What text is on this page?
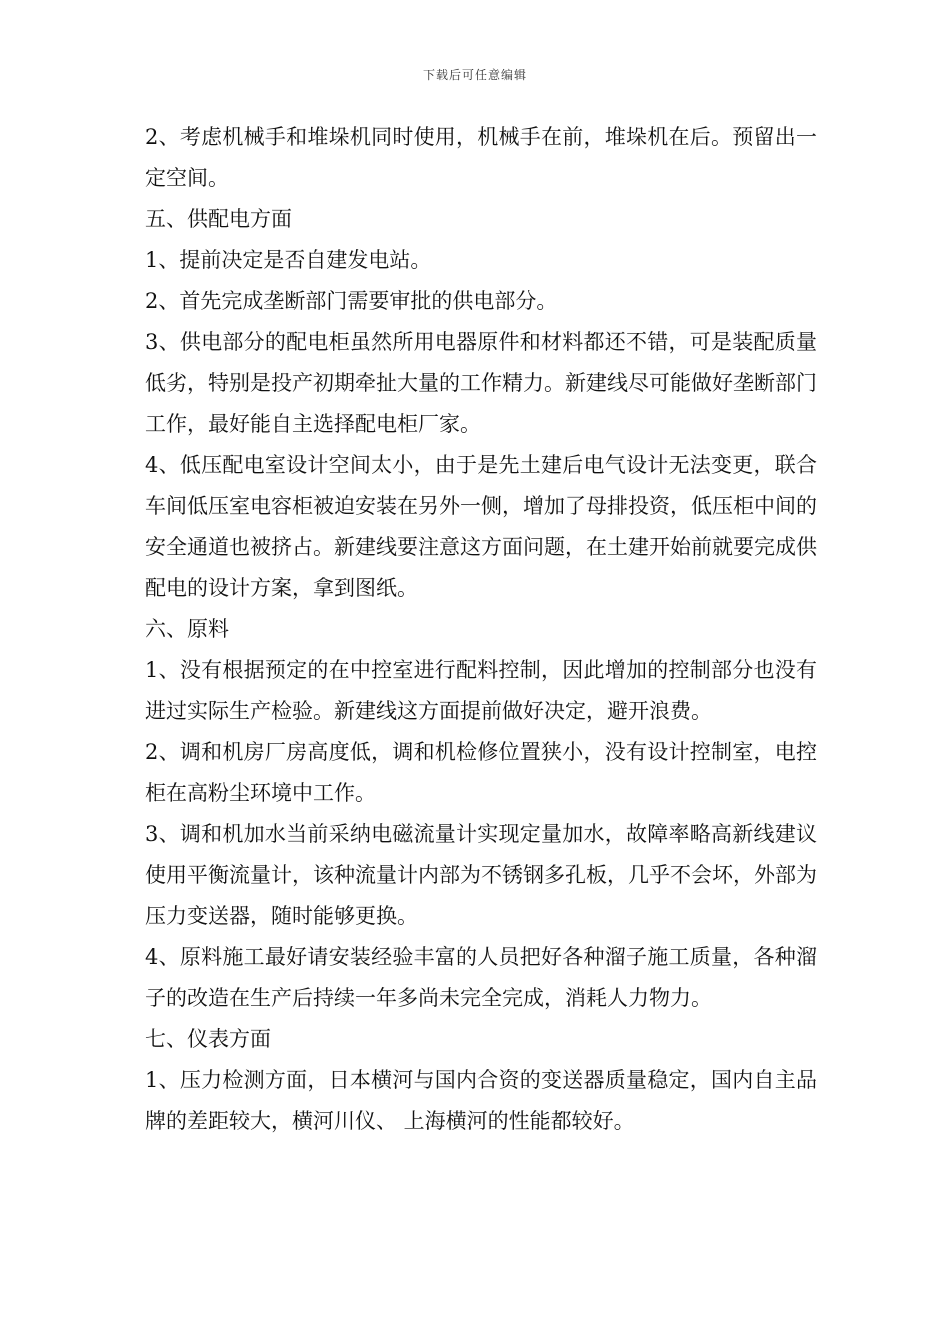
下载后可任意编辑

2、考虑机械手和堆垛机同时使用，机械手在前，堆垛机在后。预留出一定空间。

五、供配电方面

1、提前决定是否自建发电站。

2、首先完成垄断部门需要审批的供电部分。

3、供电部分的配电柜虽然所用电器原件和材料都还不错，可是装配质量低劣，特别是投产初期牵扯大量的工作精力。新建线尽可能做好垄断部门工作，最好能自主选择配电柜厂家。

4、低压配电室设计空间太小，由于是先土建后电气设计无法变更，联合车间低压室电容柜被迫安装在另外一侧，增加了母排投资，低压柜中间的安全通道也被挤占。新建线要注意这方面问题，在土建开始前就要完成供配电的设计方案，拿到图纸。

六、原料

1、没有根据预定的在中控室进行配料控制，因此增加的控制部分也没有进过实际生产检验。新建线这方面提前做好决定，避开浪费。

2、调和机房厂房高度低，调和机检修位置狭小，没有设计控制室，电控柜在高粉尘环境中工作。

3、调和机加水当前采纳电磁流量计实现定量加水，故障率略高新线建议使用平衡流量计，该种流量计内部为不锈钢多孔板，几乎不会坏，外部为压力变送器，随时能够更换。

4、原料施工最好请安装经验丰富的人员把好各种溜子施工质量，各种溜子的改造在生产后持续一年多尚未完全完成，消耗人力物力。

七、仪表方面

1、压力检测方面，日本横河与国内合资的变送器质量稳定，国内自主品牌的差距较大，横河川仪、 上海横河的性能都较好。
